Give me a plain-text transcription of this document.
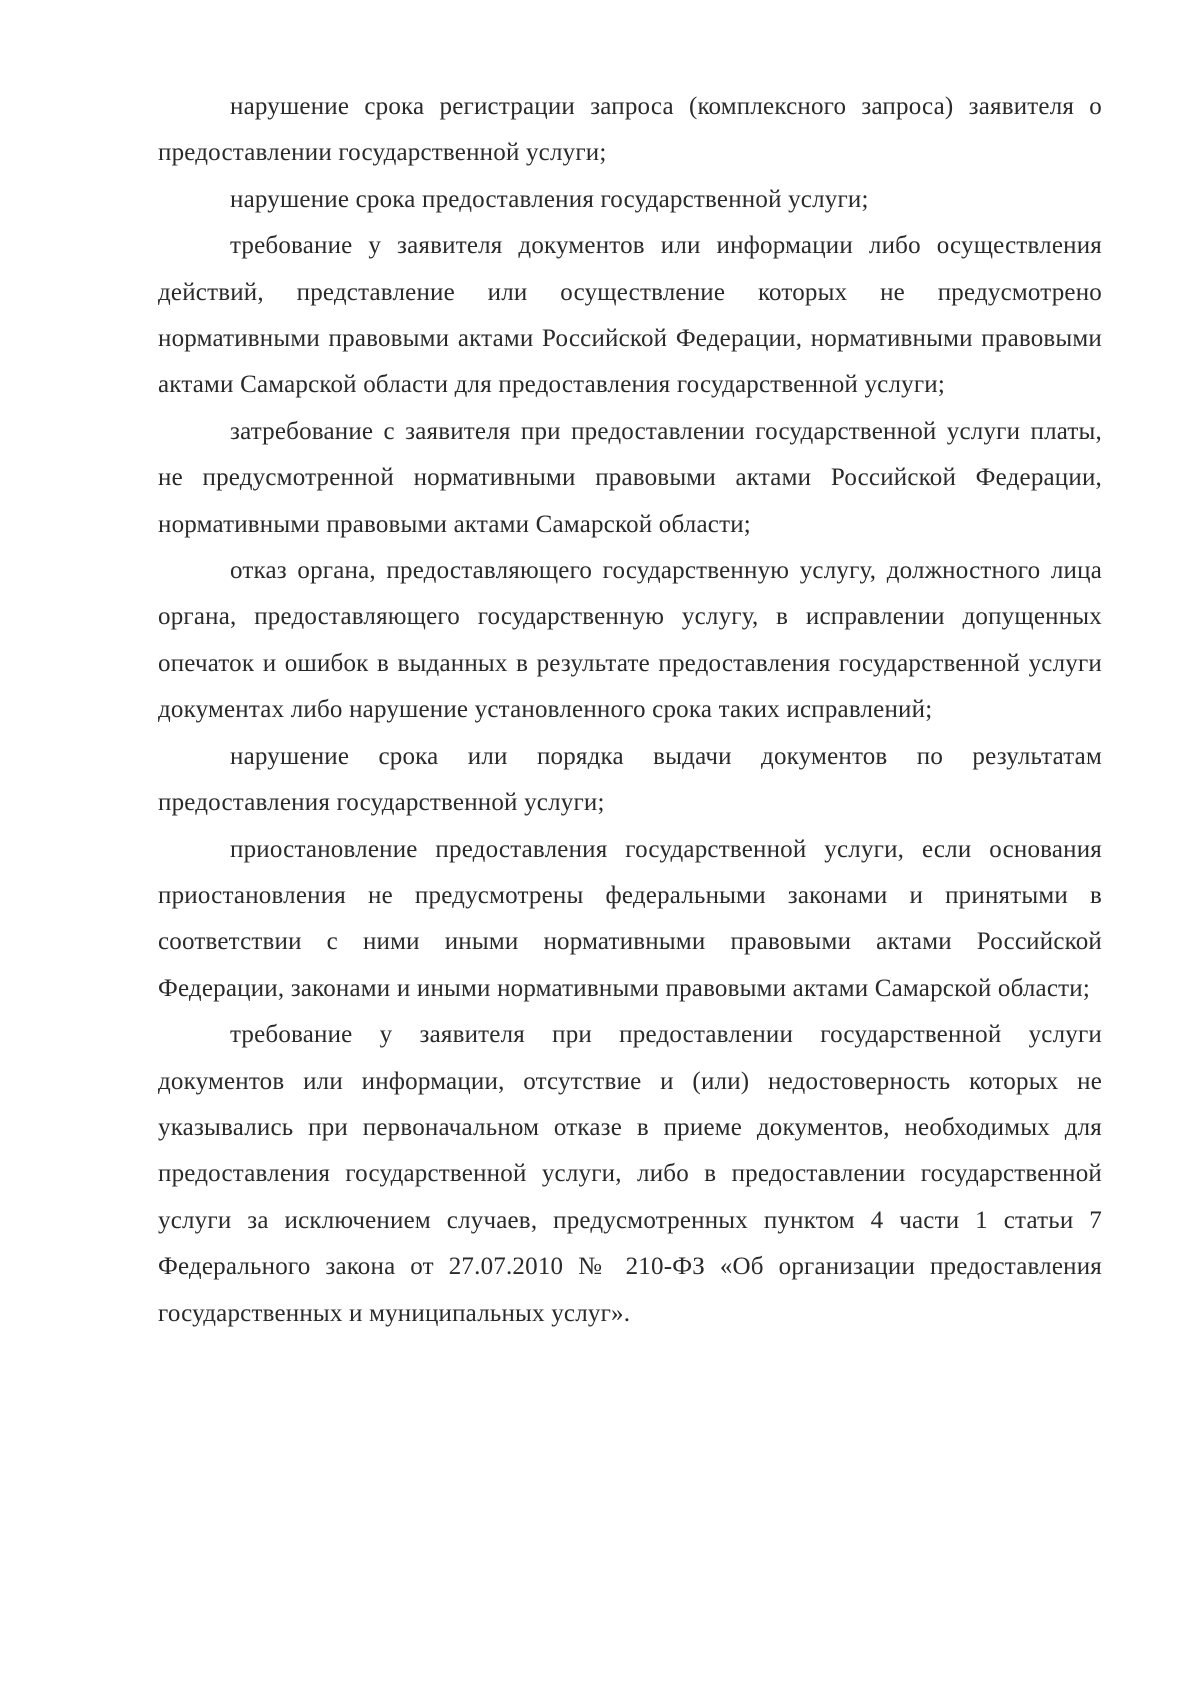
нарушение срока регистрации запроса (комплексного запроса) заявителя о предоставлении государственной услуги;

нарушение срока предоставления государственной услуги;

требование у заявителя документов или информации либо осуществления действий, представление или осуществление которых не предусмотрено нормативными правовыми актами Российской Федерации, нормативными правовыми актами Самарской области для предоставления государственной услуги;

затребование с заявителя при предоставлении государственной услуги платы, не предусмотренной нормативными правовыми актами Российской Федерации, нормативными правовыми актами Самарской области;

отказ органа, предоставляющего государственную услугу, должностного лица органа, предоставляющего государственную услугу, в исправлении допущенных опечаток и ошибок в выданных в результате предоставления государственной услуги документах либо нарушение установленного срока таких исправлений;

нарушение срока или порядка выдачи документов по результатам предоставления государственной услуги;

приостановление предоставления государственной услуги, если основания приостановления не предусмотрены федеральными законами и принятыми в соответствии с ними иными нормативными правовыми актами Российской Федерации, законами и иными нормативными правовыми актами Самарской области;

требование у заявителя при предоставлении государственной услуги документов или информации, отсутствие и (или) недостоверность которых не указывались при первоначальном отказе в приеме документов, необходимых для предоставления государственной услуги, либо в предоставлении государственной услуги за исключением случаев, предусмотренных пунктом 4 части 1 статьи 7 Федерального закона от 27.07.2010 № 210-ФЗ «Об организации предоставления государственных и муниципальных услуг».
